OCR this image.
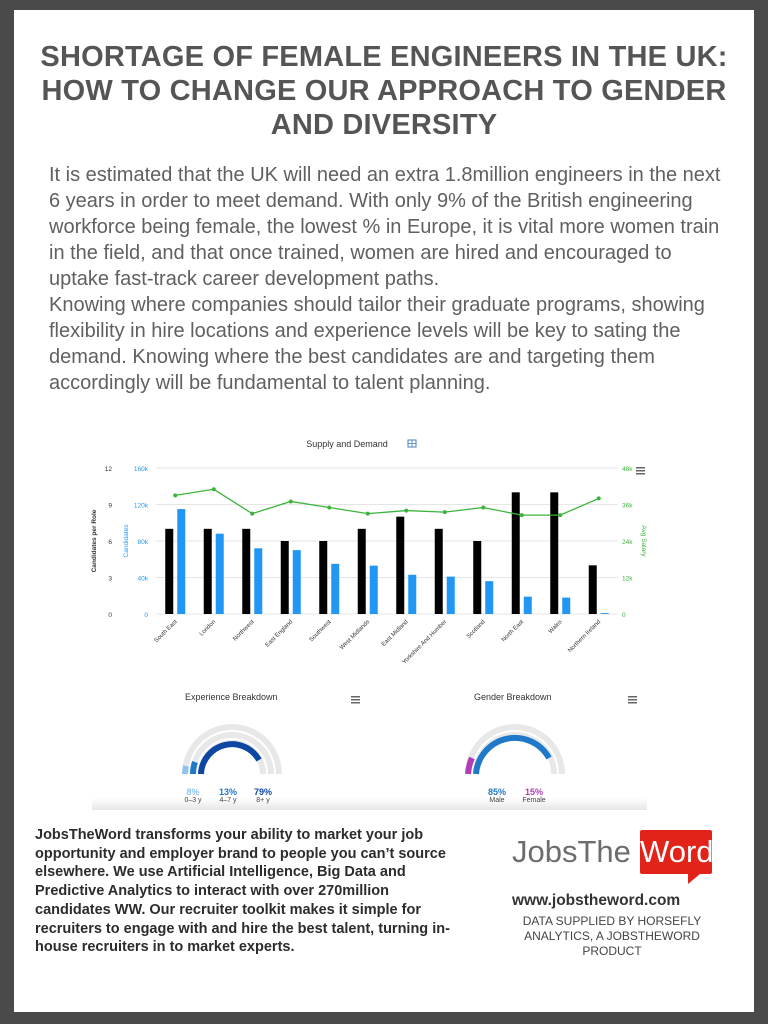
SHORTAGE OF FEMALE ENGINEERS IN THE UK: HOW TO CHANGE OUR APPROACH TO GENDER AND DIVERSITY

It is estimated that the UK will need an extra 1.8million engineers in the next 6 years in order to meet demand. With only 9% of the British engineering workforce being female, the lowest % in Europe, it is vital more women train in the field, and that once trained, women are hired and encouraged to uptake fast-track career development paths.

Knowing where companies should tailor their graduate programs, showing flexibility in hire locations and experience levels will be key to sating the demand. Knowing where the best candidates are and targeting them accordingly will be fundamental to talent planning.

Supply and Demand
0	0	0
3	40k	12k
6	80k	24k
9	120k	36k
12	160k	48k
Candidates per Role	Candidates	Avg Salary
South East	London	Northwest East England Southwest West Midlands East Midland
Yorkshire And Humber	Scotland North East	Wales Northern Ireland
Experience Breakdown
8%
0–3 y
13%
4–7 y
79%
8+ y
Gender Breakdown
85%
Male
15%
Female
JobsTheWord transforms your ability to market your job opportunity and employer brand to people you can’t source elsewhere. We use Artificial Intelligence, Big Data and Predictive Analytics to interact with over 270million candidates WW. Our recruiter toolkit makes it simple for recruiters to engage with and hire the best talent, turning in-house recruiters in to market experts.
JobsThe Word
www.jobstheword.com
DATA SUPPLIED BY HORSEFLY ANALYTICS, A JOBSTHEWORD PRODUCT
